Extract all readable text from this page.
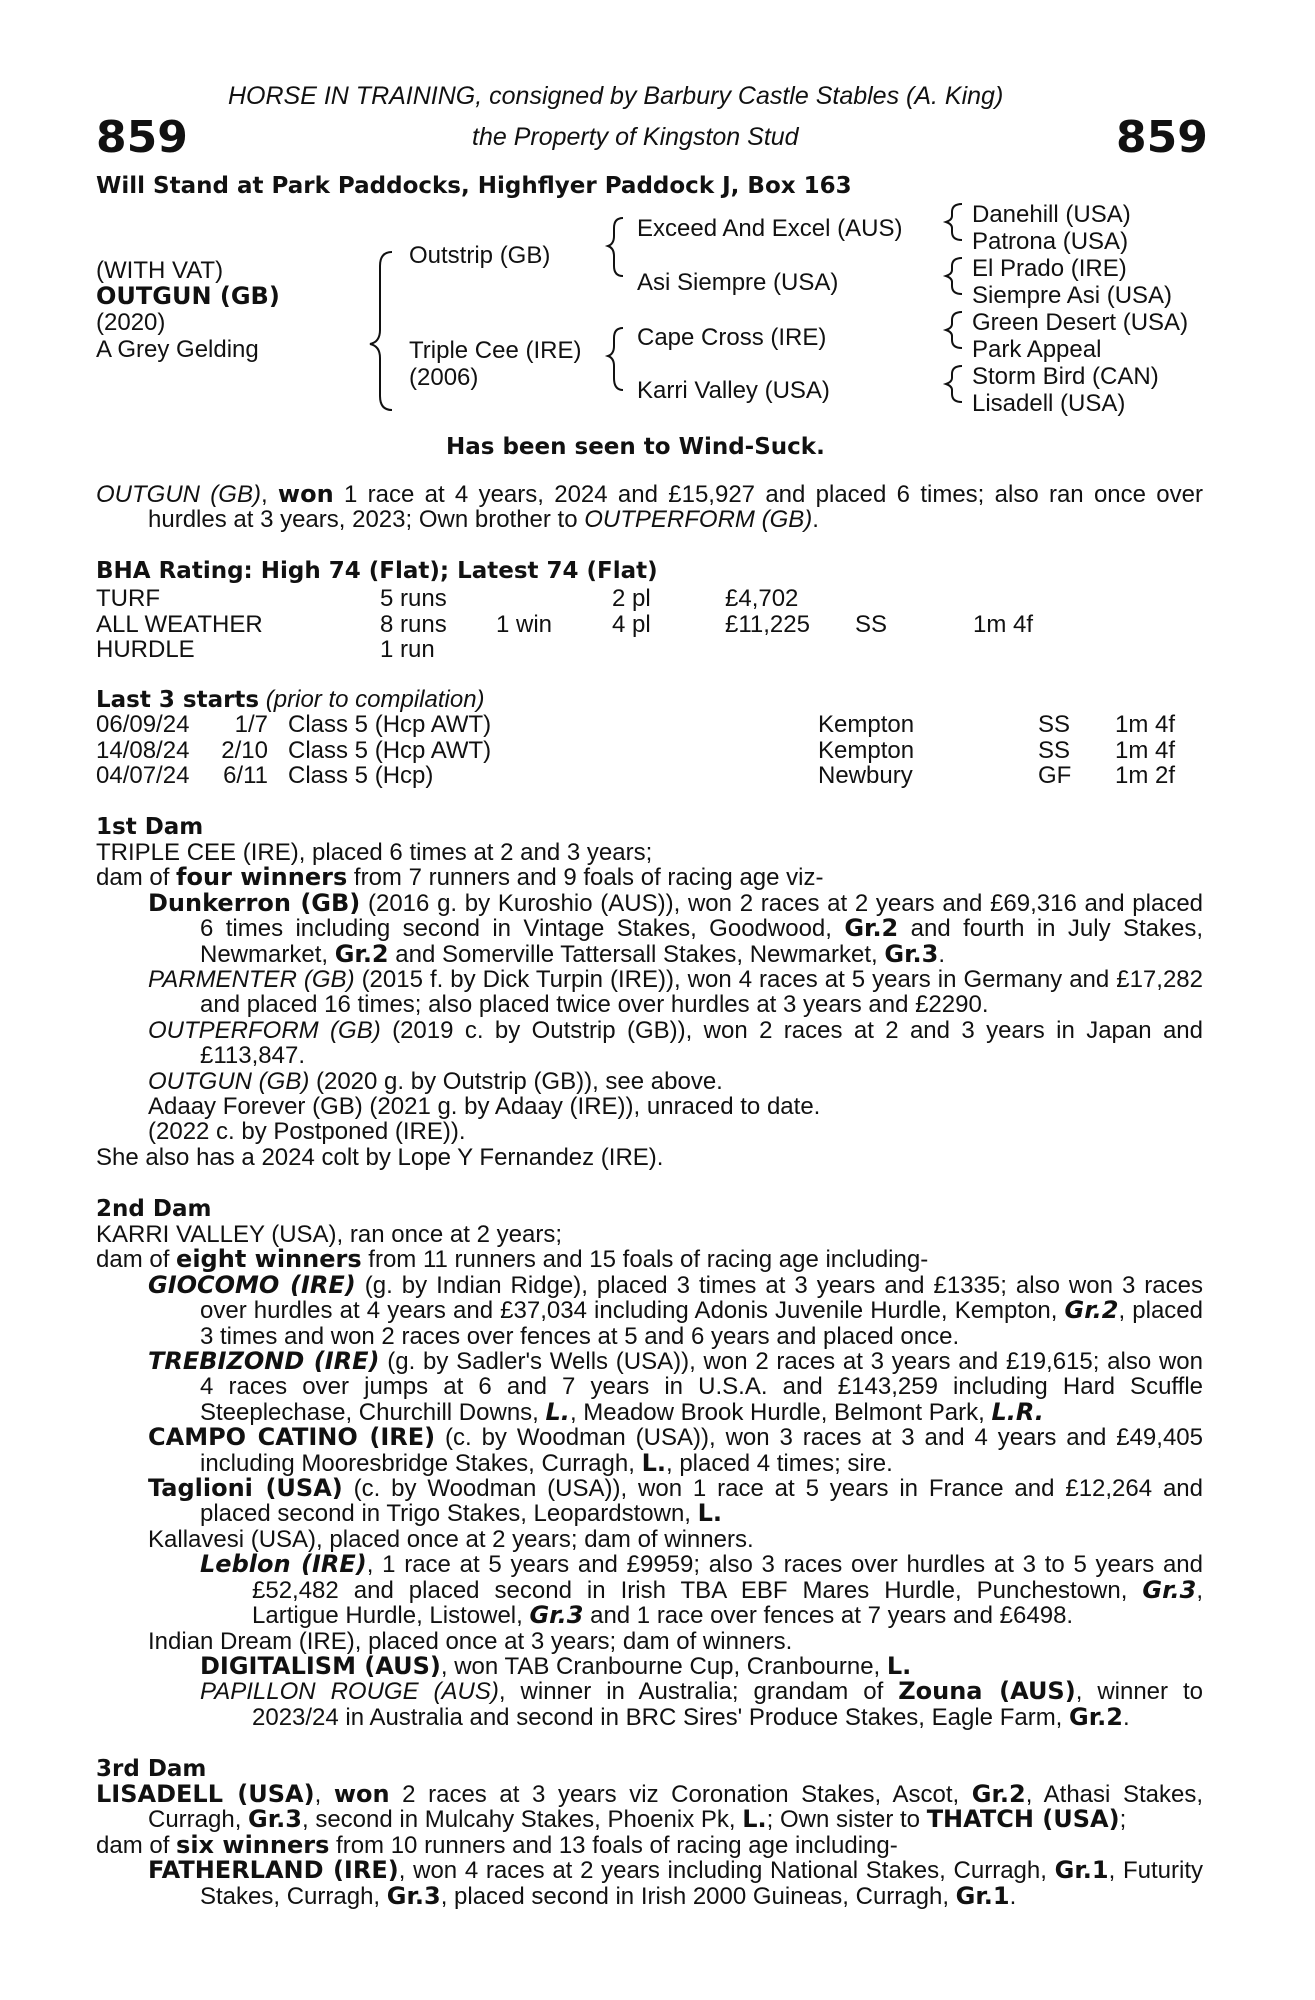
HORSE IN TRAINING, consigned by Barbury Castle Stables (A. King)
the Property of Kingston Stud
859	859
Will Stand at Park Paddocks, Highflyer Paddock J, Box 163
(WITH VAT)
OUTGUN (GB)
(2020)
A Grey Gelding
Outstrip (GB)
Triple Cee (IRE)
(2006)
Exceed And Excel (AUS)
Asi Siempre (USA)
Cape Cross (IRE)
Karri Valley (USA)
Danehill (USA)
Patrona (USA)
El Prado (IRE)
Siempre Asi (USA)
Green Desert (USA)
Park Appeal
Storm Bird (CAN)
Lisadell (USA)
Has been seen to Wind-Suck.

OUTGUN (GB), won 1 race at 4 years, 2024 and £15,927 and placed 6 times; also ran once over hurdles at 3 years, 2023; Own brother to OUTPERFORM (GB).

BHA Rating: High 74 (Flat); Latest 74 (Flat)
TURF	5 runs	2 pl	£4,702
ALL WEATHER	8 runs 1 win 4 pl	£11,225 SS	1m 4f
HURDLE	1 run
Last 3 starts (prior to compilation)
06/09/24 1/7 Class 5 (Hcp AWT)	Kempton	SS 1m 4f
14/08/24 2/10 Class 5 (Hcp AWT)	Kempton	SS 1m 4f
04/07/24 6/11 Class 5 (Hcp)	Newbury	GF 1m 2f
1st Dam

TRIPLE CEE (IRE), placed 6 times at 2 and 3 years;

dam of four winners from 7 runners and 9 foals of racing age viz-

Dunkerron (GB) (2016 g. by Kuroshio (AUS)), won 2 races at 2 years and £69,316 and placed 6 times including second in Vintage Stakes, Goodwood, Gr.2 and fourth in July Stakes, Newmarket, Gr.2 and Somerville Tattersall Stakes, Newmarket, Gr.3.

PARMENTER (GB) (2015 f. by Dick Turpin (IRE)), won 4 races at 5 years in Germany and £17,282 and placed 16 times; also placed twice over hurdles at 3 years and £2290.

OUTPERFORM (GB) (2019 c. by Outstrip (GB)), won 2 races at 2 and 3 years in Japan and £113,847.

OUTGUN (GB) (2020 g. by Outstrip (GB)), see above.

Adaay Forever (GB) (2021 g. by Adaay (IRE)), unraced to date.

(2022 c. by Postponed (IRE)).

She also has a 2024 colt by Lope Y Fernandez (IRE).

2nd Dam

KARRI VALLEY (USA), ran once at 2 years;

dam of eight winners from 11 runners and 15 foals of racing age including-

GIOCOMO (IRE) (g. by Indian Ridge), placed 3 times at 3 years and £1335; also won 3 races over hurdles at 4 years and £37,034 including Adonis Juvenile Hurdle, Kempton, Gr.2, placed 3 times and won 2 races over fences at 5 and 6 years and placed once.

TREBIZOND (IRE) (g. by Sadler's Wells (USA)), won 2 races at 3 years and £19,615; also won 4 races over jumps at 6 and 7 years in U.S.A. and £143,259 including Hard Scuffle Steeplechase, Churchill Downs, L., Meadow Brook Hurdle, Belmont Park, L.R.

CAMPO CATINO (IRE) (c. by Woodman (USA)), won 3 races at 3 and 4 years and £49,405 including Mooresbridge Stakes, Curragh, L., placed 4 times; sire.

Taglioni (USA) (c. by Woodman (USA)), won 1 race at 5 years in France and £12,264 and placed second in Trigo Stakes, Leopardstown, L.

Kallavesi (USA), placed once at 2 years; dam of winners.

Leblon (IRE), 1 race at 5 years and £9959; also 3 races over hurdles at 3 to 5 years and £52,482 and placed second in Irish TBA EBF Mares Hurdle, Punchestown, Gr.3, Lartigue Hurdle, Listowel, Gr.3 and 1 race over fences at 7 years and £6498.

Indian Dream (IRE), placed once at 3 years; dam of winners.

DIGITALISM (AUS), won TAB Cranbourne Cup, Cranbourne, L.

PAPILLON ROUGE (AUS), winner in Australia; grandam of Zouna (AUS), winner to 2023/24 in Australia and second in BRC Sires' Produce Stakes, Eagle Farm, Gr.2.

3rd Dam

LISADELL (USA), won 2 races at 3 years viz Coronation Stakes, Ascot, Gr.2, Athasi Stakes, Curragh, Gr.3, second in Mulcahy Stakes, Phoenix Pk, L.; Own sister to THATCH (USA);

dam of six winners from 10 runners and 13 foals of racing age including-

FATHERLAND (IRE), won 4 races at 2 years including National Stakes, Curragh, Gr.1, Futurity Stakes, Curragh, Gr.3, placed second in Irish 2000 Guineas, Curragh, Gr.1.
